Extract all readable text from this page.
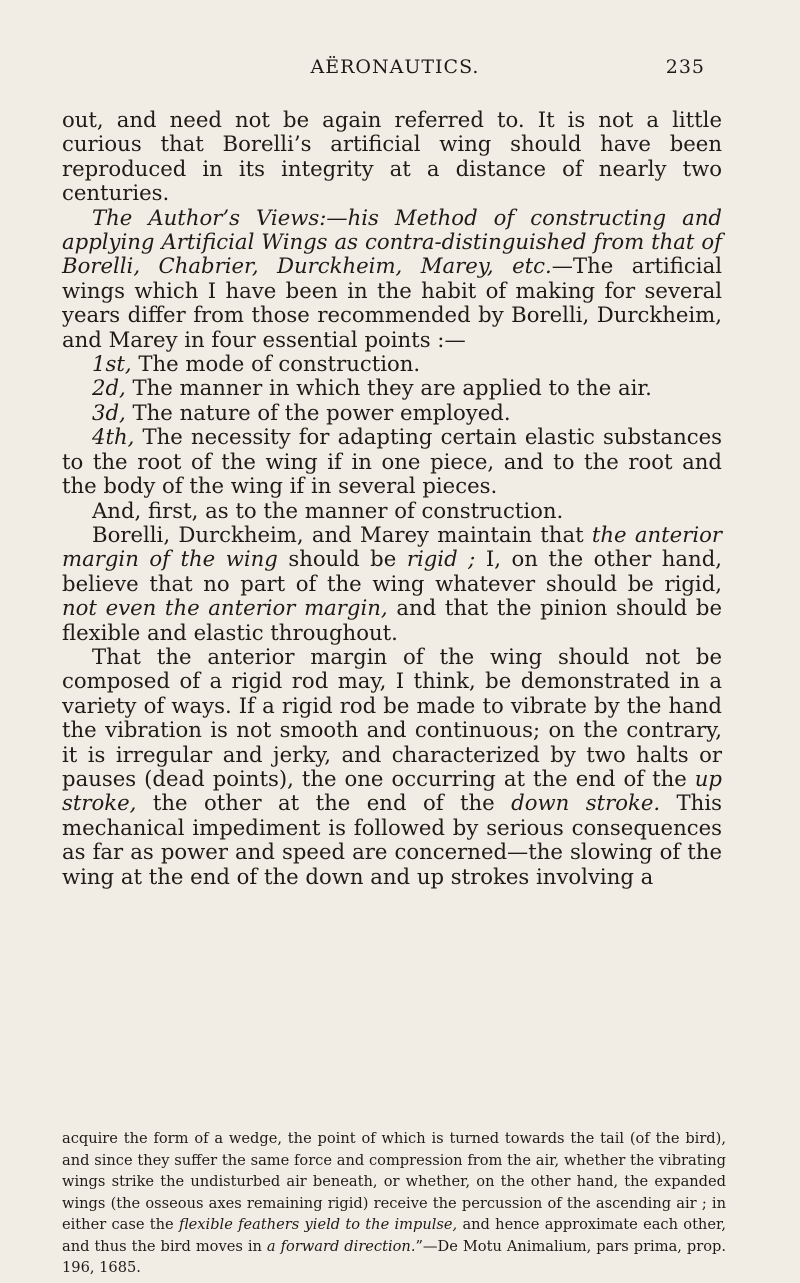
AËRONAUTICS.	235

out, and need not be again referred to. It is not a little curious that Borelli’s artificial wing should have been reproduced in its integrity at a distance of nearly two centuries.

The Author’s Views:—his Method of constructing and applying Artificial Wings as contra-distinguished from that of Borelli, Chabrier, Durckheim, Marey, etc.—The artificial wings which I have been in the habit of making for several years differ from those recommended by Borelli, Durckheim, and Marey in four essential points :—

1st, The mode of construction.

2d, The manner in which they are applied to the air.

3d, The nature of the power employed.

4th, The necessity for adapting certain elastic substances to the root of the wing if in one piece, and to the root and the body of the wing if in several pieces.

And, first, as to the manner of construction.

Borelli, Durckheim, and Marey maintain that the anterior margin of the wing should be rigid ; I, on the other hand, believe that no part of the wing whatever should be rigid, not even the anterior margin, and that the pinion should be flexible and elastic throughout.

That the anterior margin of the wing should not be composed of a rigid rod may, I think, be demonstrated in a variety of ways. If a rigid rod be made to vibrate by the hand the vibration is not smooth and continuous; on the contrary, it is irregular and jerky, and characterized by two halts or pauses (dead points), the one occurring at the end of the up stroke, the other at the end of the down stroke. This mechanical impediment is followed by serious consequences as far as power and speed are concerned—the slowing of the wing at the end of the down and up strokes involving a

acquire the form of a wedge, the point of which is turned towards the tail (of the bird), and since they suffer the same force and compression from the air, whether the vibrating wings strike the undisturbed air beneath, or whether, on the other hand, the expanded wings (the osseous axes remaining rigid) receive the percussion of the ascending air ; in either case the flexible feathers yield to the impulse, and hence approximate each other, and thus the bird moves in a forward direction.”—De Motu Animalium, pars prima, prop. 196, 1685.
